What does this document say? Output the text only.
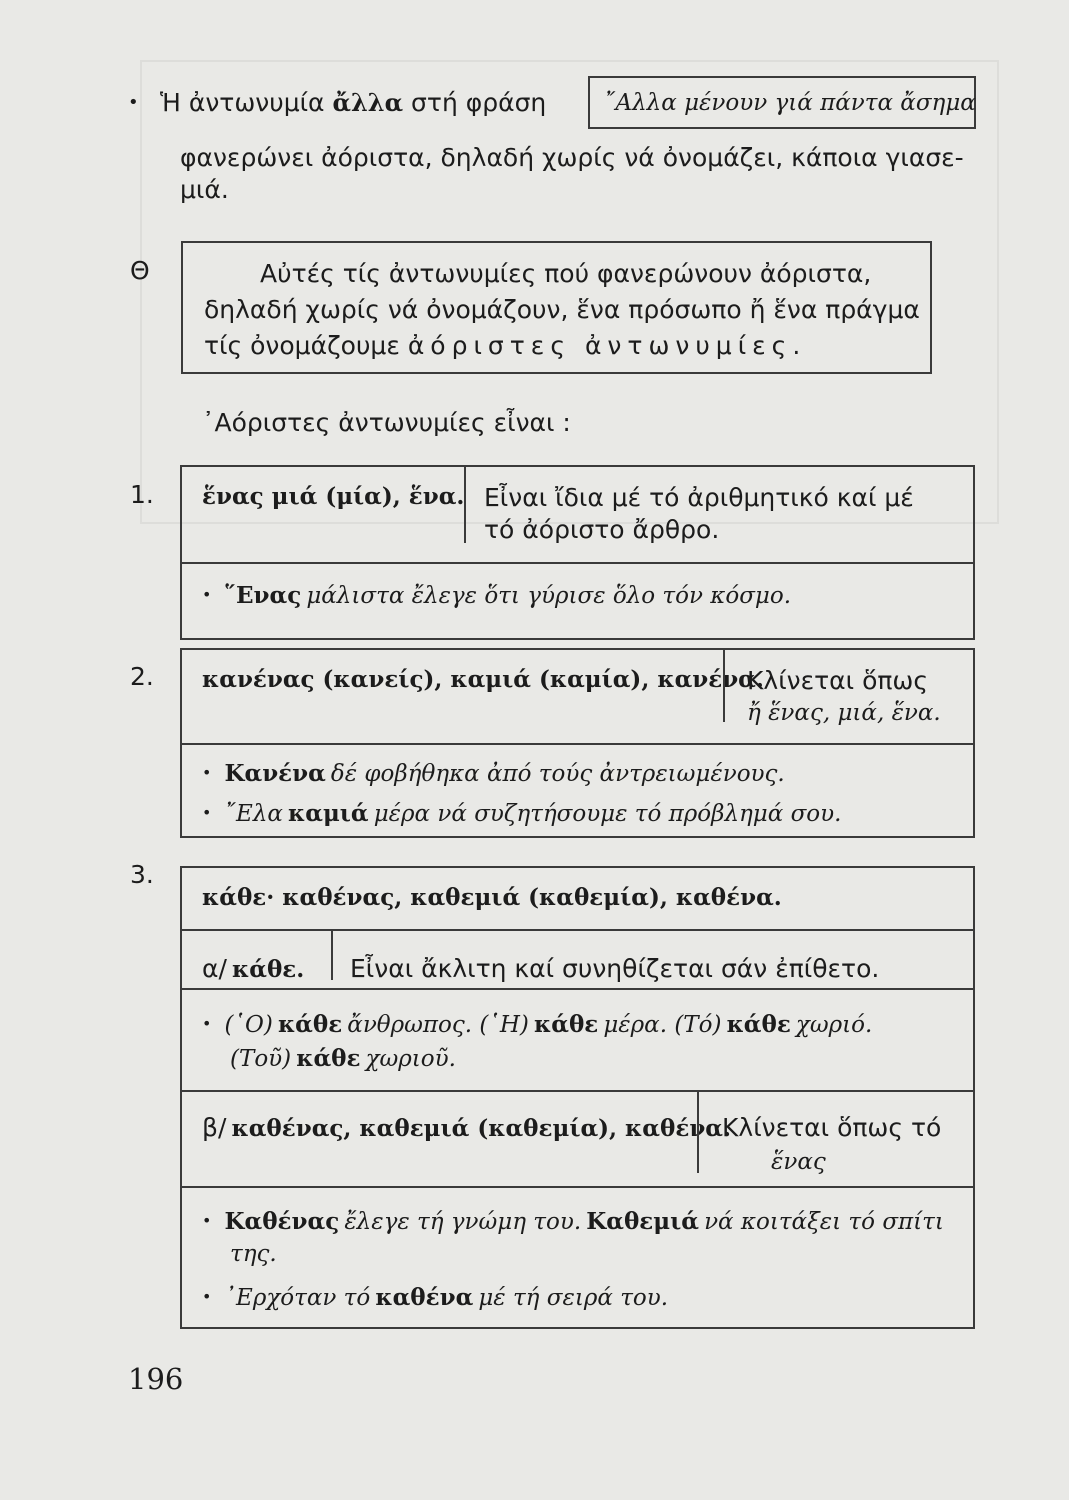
• Ἡ ἀντωνυμία ἄλλα στή φράση	῎Αλλα μένουν γιά πάντα ἄσημα
φανερώνει ἀόριστα, δηλαδή χωρίς νά ὀνομάζει, κάποια γιασε-
μιά.
Θ	Αὐτές τίς ἀντωνυμίες πού φανερώνουν ἀόριστα,
δηλαδή χωρίς νά ὀνομάζουν, ἕνα πρόσωπο ἤ ἕνα πράγμα
τίς ὀνομάζουμε ἀόριστες ἀντωνυμίες.
᾿Αόριστες ἀντωνυμίες εἶναι :
1. ἕνας μιά (μία), ἕνα. Εἶναι ἴδια μέ τό ἀριθμητικό καί μέ
τό ἀόριστο ἄρθρο.
• ῞Ενας μάλιστα ἔλεγε ὅτι γύρισε ὅλο τόν κόσμο.
2. κανένας (κανείς), καμιά (καμία), κανένα.
Κλίνεται ὅπως
ἤ ἕνας, μιά, ἕνα.
• Κανένα δέ φοβήθηκα ἀπό τούς ἀντρειωμένους.
• ῎Ελα καμιά μέρα νά συζητήσουμε τό πρόβλημά σου.
3.
κάθε· καθένας, καθεμιά (καθεμία), καθένα.
α/ κάθε. Εἶναι ἄκλιτη καί συνηθίζεται σάν ἐπίθετο.
• (῾Ο) κάθε ἄνθρωπος. (῾Η) κάθε μέρα. (Τό) κάθε χωριό.
(Τοῦ) κάθε χωριοῦ.
β/ καθένας, καθεμιά (καθεμία), καθένα.
Κλίνεται ὅπως τό
ἕνας
• Καθένας ἔλεγε τή γνώμη του. Καθεμιά νά κοιτάξει τό σπίτι
της.
• ᾿Ερχόταν τό καθένα μέ τή σειρά του.
196
